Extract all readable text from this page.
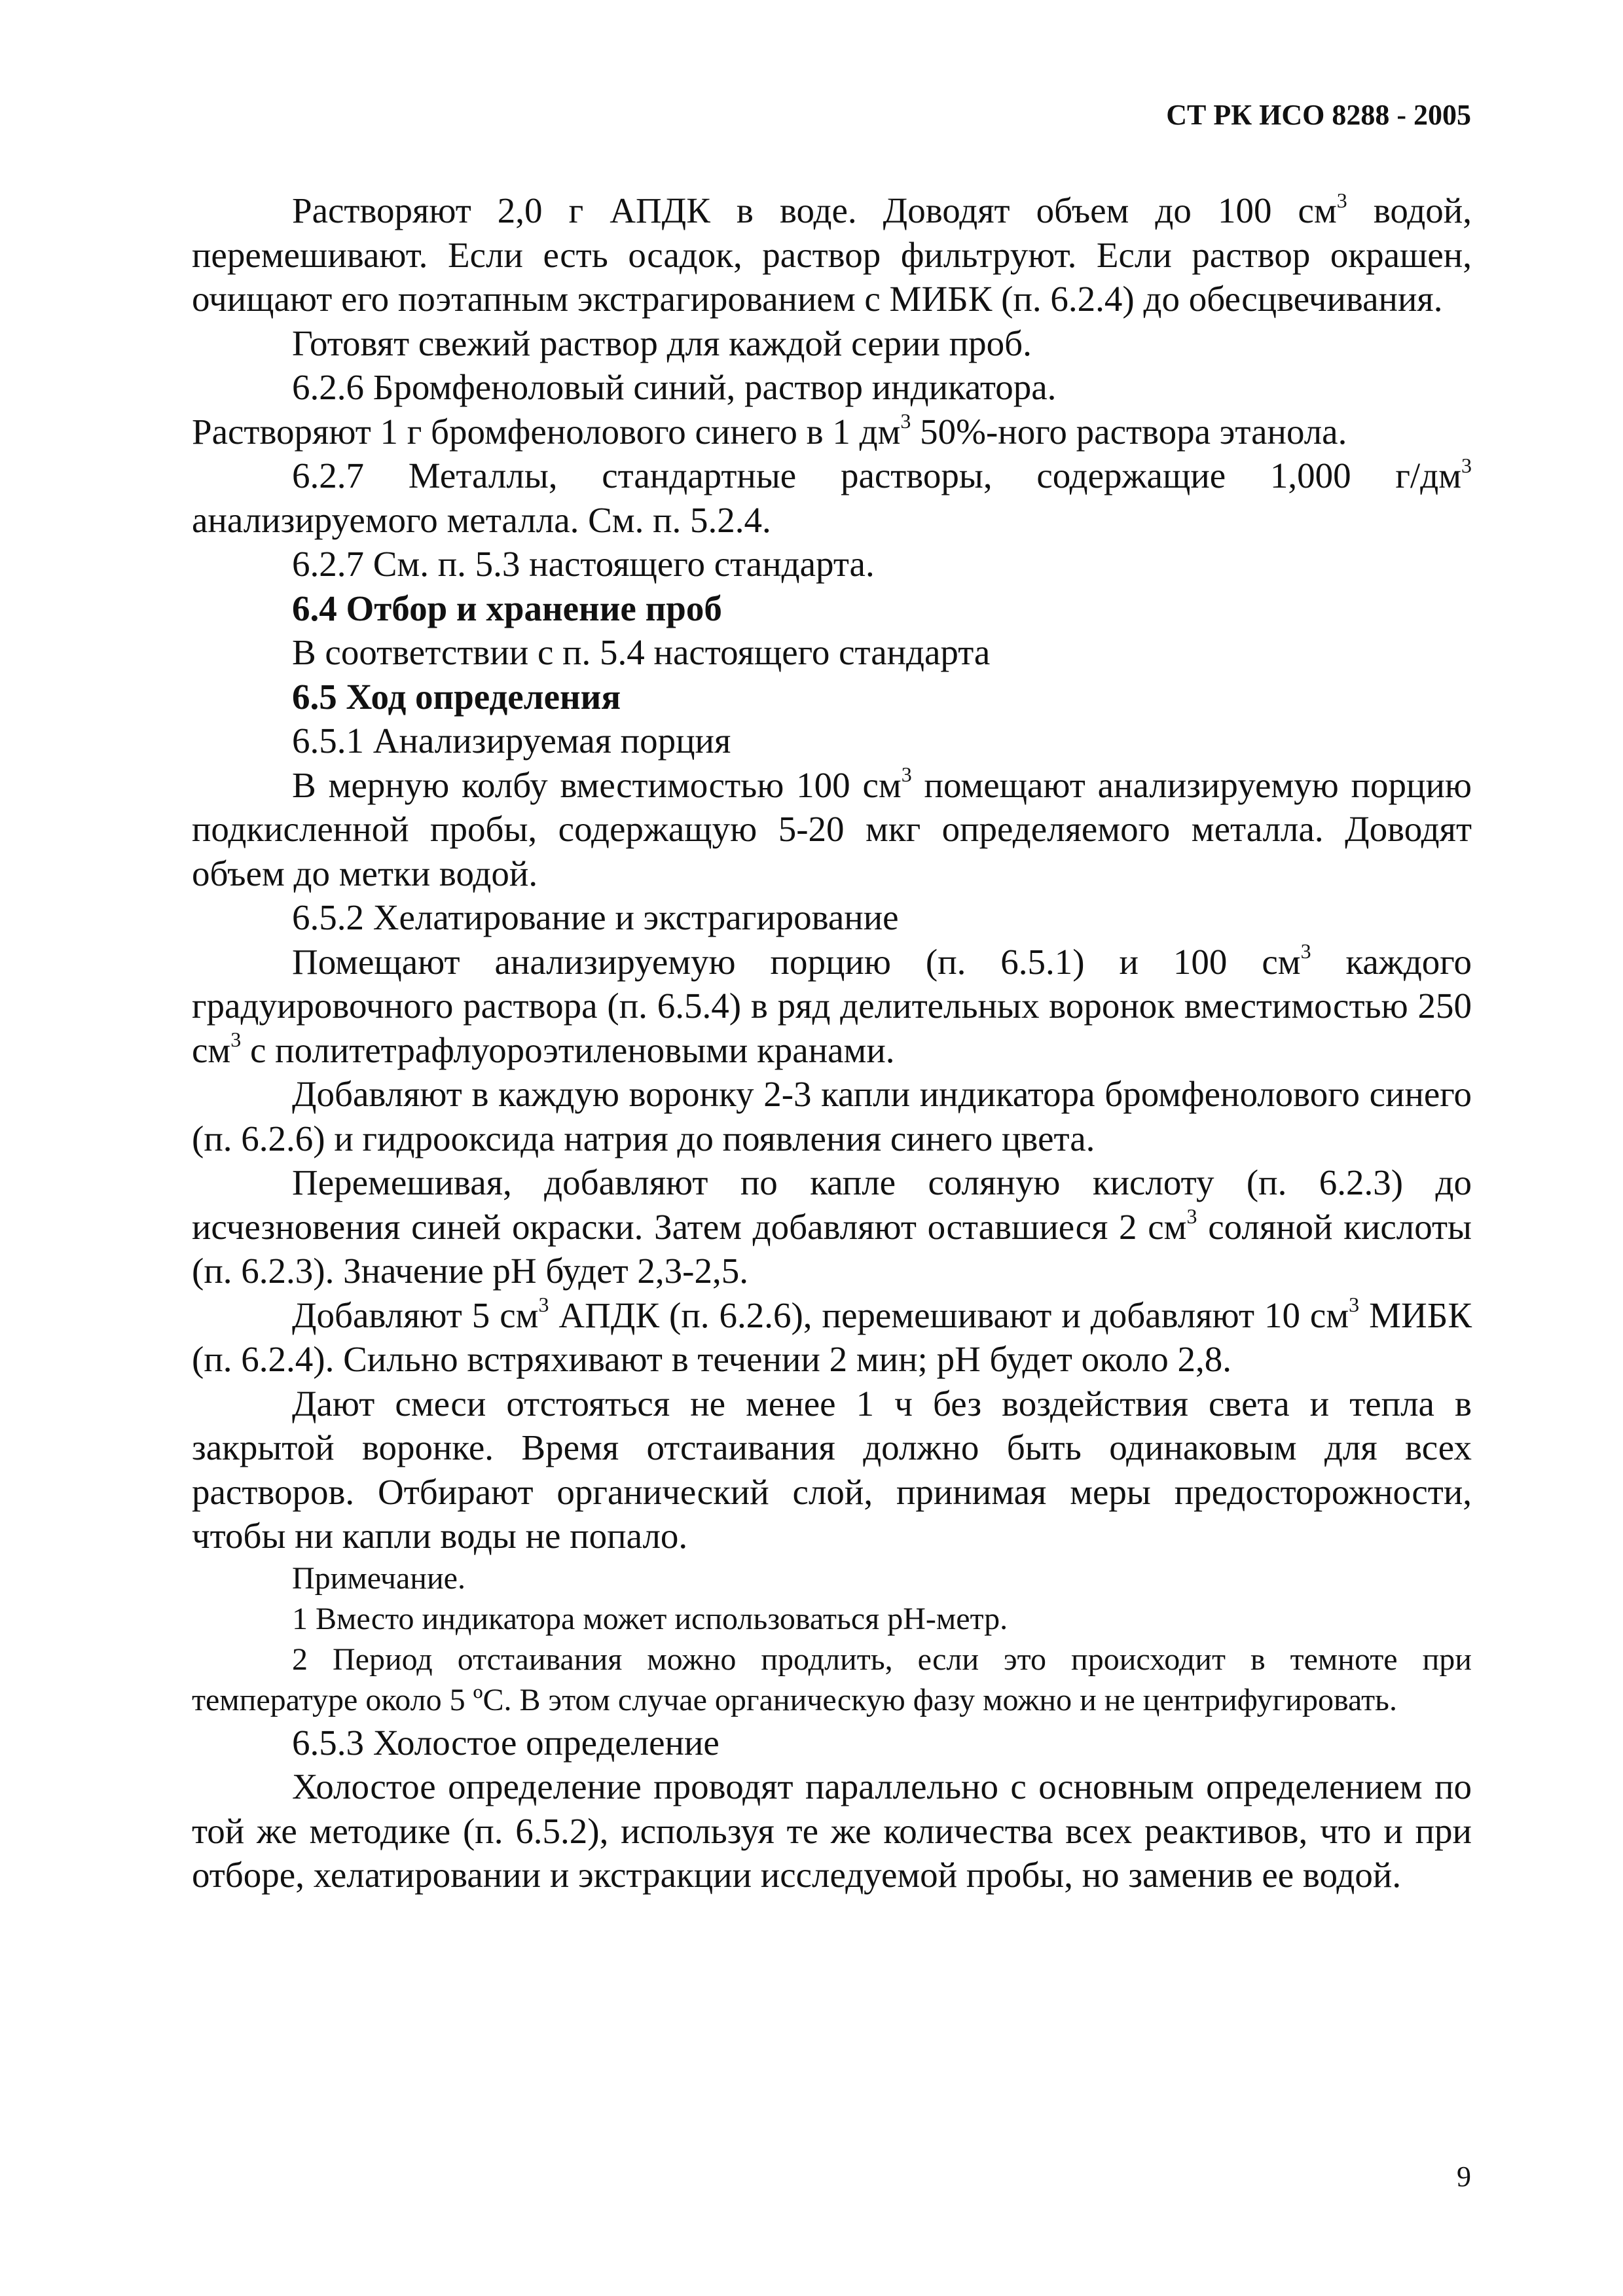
СТ РК ИСО 8288 - 2005

Растворяют 2,0 г АПДК в воде. Доводят объем до 100 $см^3$ водой, перемешивают. Если есть осадок, раствор фильтруют. Если раствор окрашен, очищают его поэтапным экстрагированием с МИБК (п. 6.2.4) до обесцвечивания.

Готовят свежий раствор для каждой серии проб.

6.2.6 Бромфеноловый синий, раствор индикатора.

Растворяют 1 г бромфенолового синего в 1 $дм^3$ 50%-ного раствора этанола.

6.2.7 Металлы, стандартные растворы, содержащие 1,000 $г/дм^3$ анализируемого металла. См. п. 5.2.4.

6.2.7 См. п. 5.3 настоящего стандарта.

6.4 Отбор и хранение проб

В соответствии с п. 5.4 настоящего стандарта

6.5 Ход определения

6.5.1 Анализируемая порция

В мерную колбу вместимостью 100 $см^3$ помещают анализируемую порцию подкисленной пробы, содержащую 5-20 мкг определяемого металла. Доводят объем до метки водой.

6.5.2 Хелатирование и экстрагирование

Помещают анализируемую порцию (п. 6.5.1) и 100 $см^3$ каждого градуировочного раствора (п. 6.5.4) в ряд делительных воронок вместимостью 250 $см^3$ с политетрафлуороэтиленовыми кранами.

Добавляют в каждую воронку 2-3 капли индикатора бромфенолового синего (п. 6.2.6) и гидрооксида натрия до появления синего цвета.

Перемешивая, добавляют по капле соляную кислоту (п. 6.2.3) до исчезновения синей окраски. Затем добавляют оставшиеся 2 $см^3$ соляной кислоты (п. 6.2.3). Значение pH будет 2,3-2,5.

Добавляют 5 $см^3$ АПДК (п. 6.2.6), перемешивают и добавляют 10 $см^3$ МИБК (п. 6.2.4). Сильно встряхивают в течении 2 мин; pH будет около 2,8.

Дают смеси отстояться не менее 1 ч без воздействия света и тепла в закрытой воронке. Время отстаивания должно быть одинаковым для всех растворов. Отбирают органический слой, принимая меры предосторожности, чтобы ни капли воды не попало.

Примечание.

1 Вместо индикатора может использоваться pH-метр.

2 Период отстаивания можно продлить, если это происходит в темноте при температуре около 5 ºС. В этом случае органическую фазу можно и не центрифугировать.

6.5.3 Холостое определение

Холостое определение проводят параллельно с основным определением по той же методике (п. 6.5.2), используя те же количества всех реактивов, что и при отборе, хелатировании и экстракции исследуемой пробы, но заменив ее водой.

9
